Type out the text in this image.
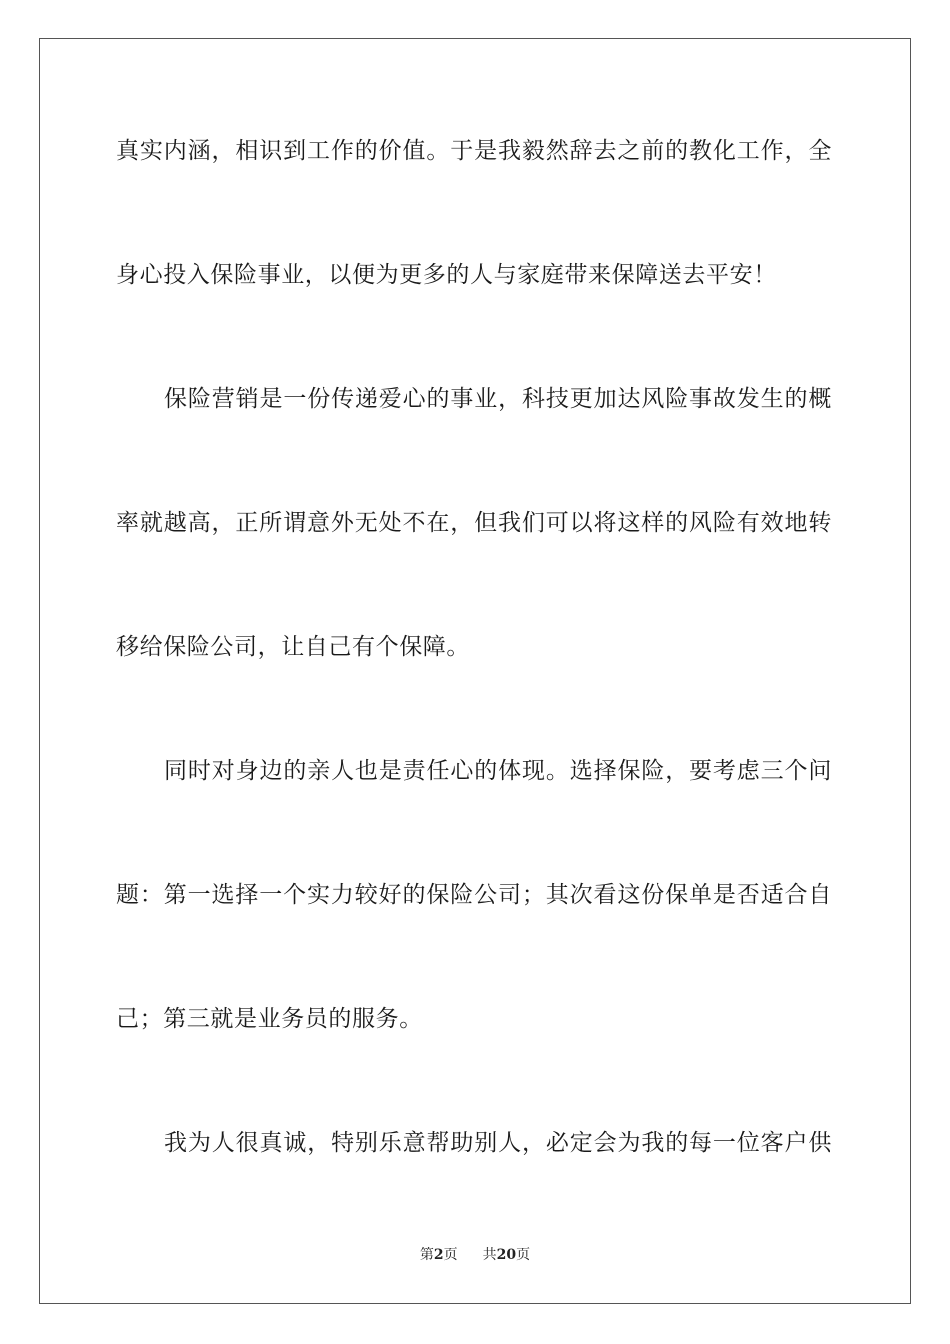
真实内涵，相识到工作的价值。于是我毅然辞去之前的教化工作，全

身心投入保险事业，以便为更多的人与家庭带来保障送去平安！

保险营销是一份传递爱心的事业，科技更加达风险事故发生的概

率就越高，正所谓意外无处不在，但我们可以将这样的风险有效地转

移给保险公司，让自己有个保障。

同时对身边的亲人也是责任心的体现。选择保险，要考虑三个问

题：第一选择一个实力较好的保险公司；其次看这份保单是否适合自

己；第三就是业务员的服务。

我为人很真诚，特别乐意帮助别人，必定会为我的每一位客户供

第2页 共20页
